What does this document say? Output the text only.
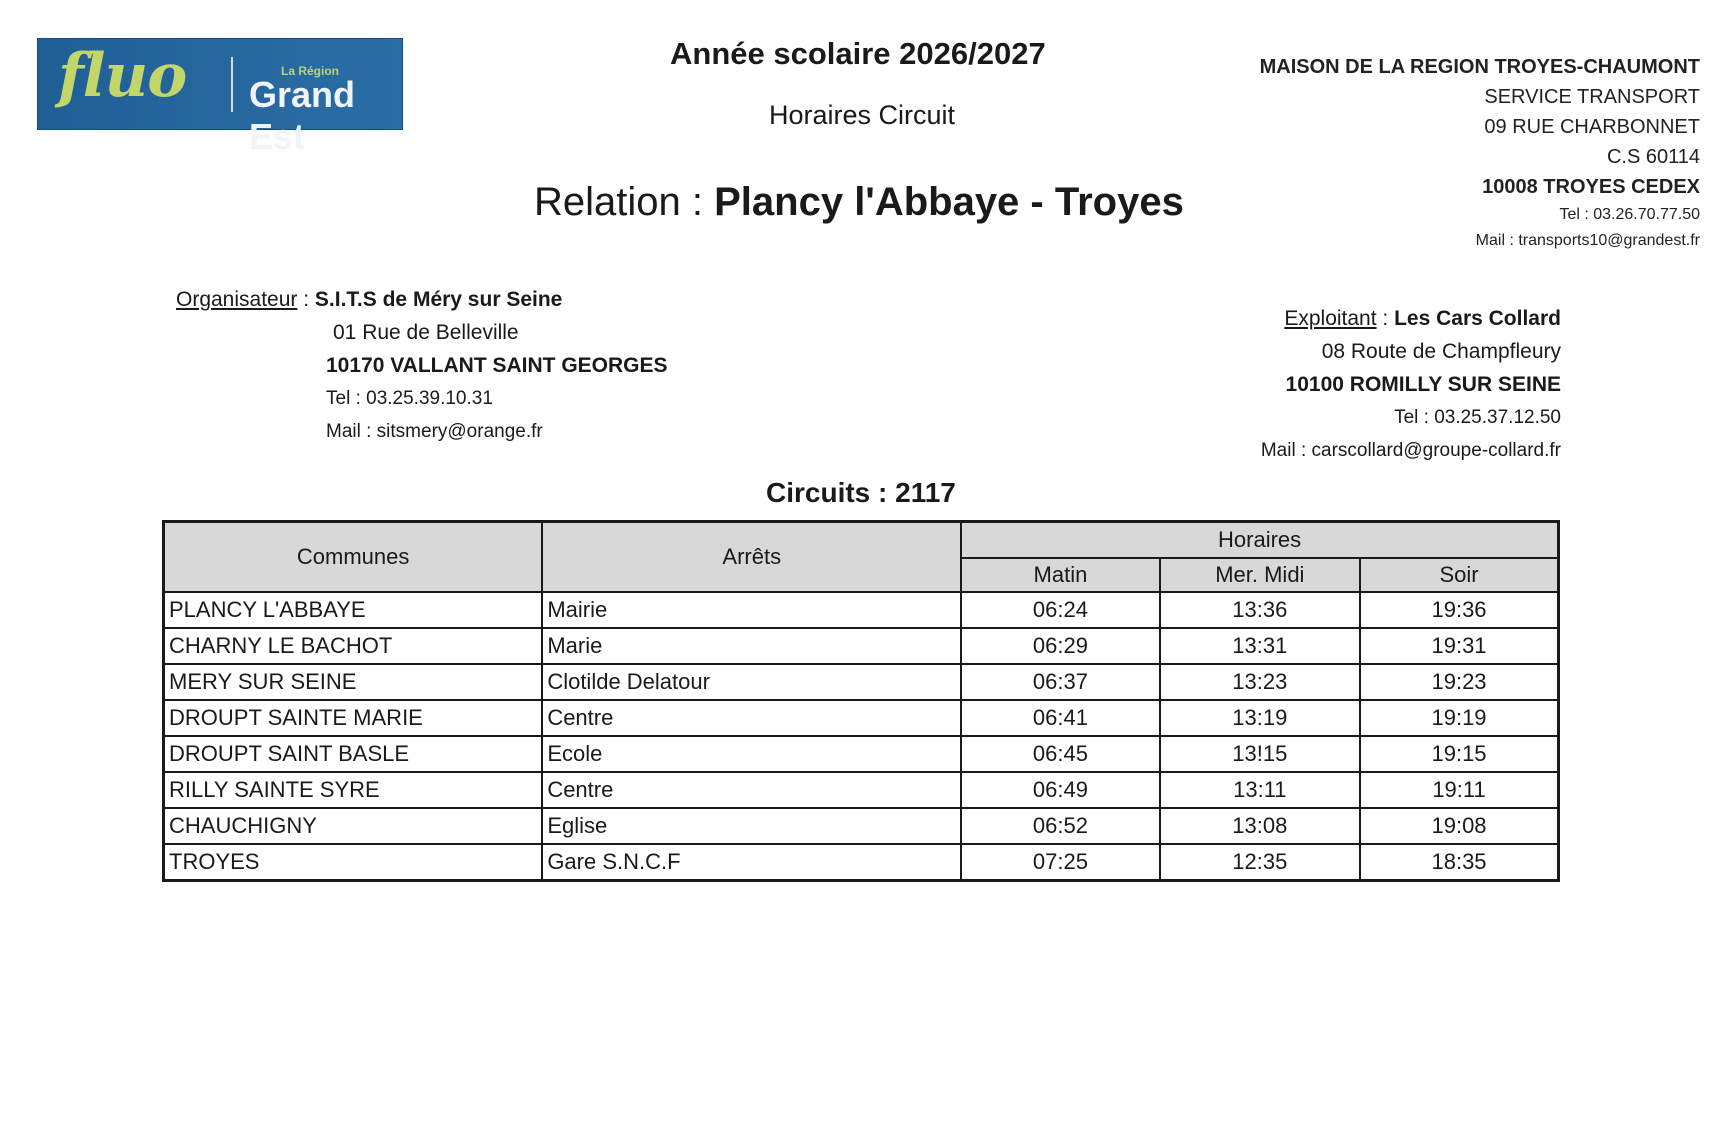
fluo	La Région
Grand Est
Année scolaire 2026/2027
Horaires Circuit
Relation : Plancy l'Abbaye - Troyes
MAISON DE LA REGION TROYES-CHAUMONT
SERVICE TRANSPORT
09 RUE CHARBONNET
C.S 60114
10008 TROYES CEDEX
Tel : 03.26.70.77.50
Mail : transports10@grandest.fr
Organisateur : S.I.T.S de Méry sur Seine
01 Rue de Belleville
10170 VALLANT SAINT GEORGES
Tel : 03.25.39.10.31
Mail : sitsmery@orange.fr
Exploitant : Les Cars Collard
08 Route de Champfleury
10100 ROMILLY SUR SEINE
Tel : 03.25.37.12.50
Mail : carscollard@groupe-collard.fr
Circuits : 2117
Communes	Arrêts	Horaires		
		Matin	Mer. Midi	Soir
PLANCY L'ABBAYE	Mairie	06:24	13:36	19:36
CHARNY LE BACHOT	Marie	06:29	13:31	19:31
MERY SUR SEINE	Clotilde Delatour	06:37	13:23	19:23
DROUPT SAINTE MARIE	Centre	06:41	13:19	19:19
DROUPT SAINT BASLE	Ecole	06:45	13!15	19:15
RILLY SAINTE SYRE	Centre	06:49	13:11	19:11
CHAUCHIGNY	Eglise	06:52	13:08	19:08
TROYES	Gare S.N.C.F	07:25	12:35	18:35
